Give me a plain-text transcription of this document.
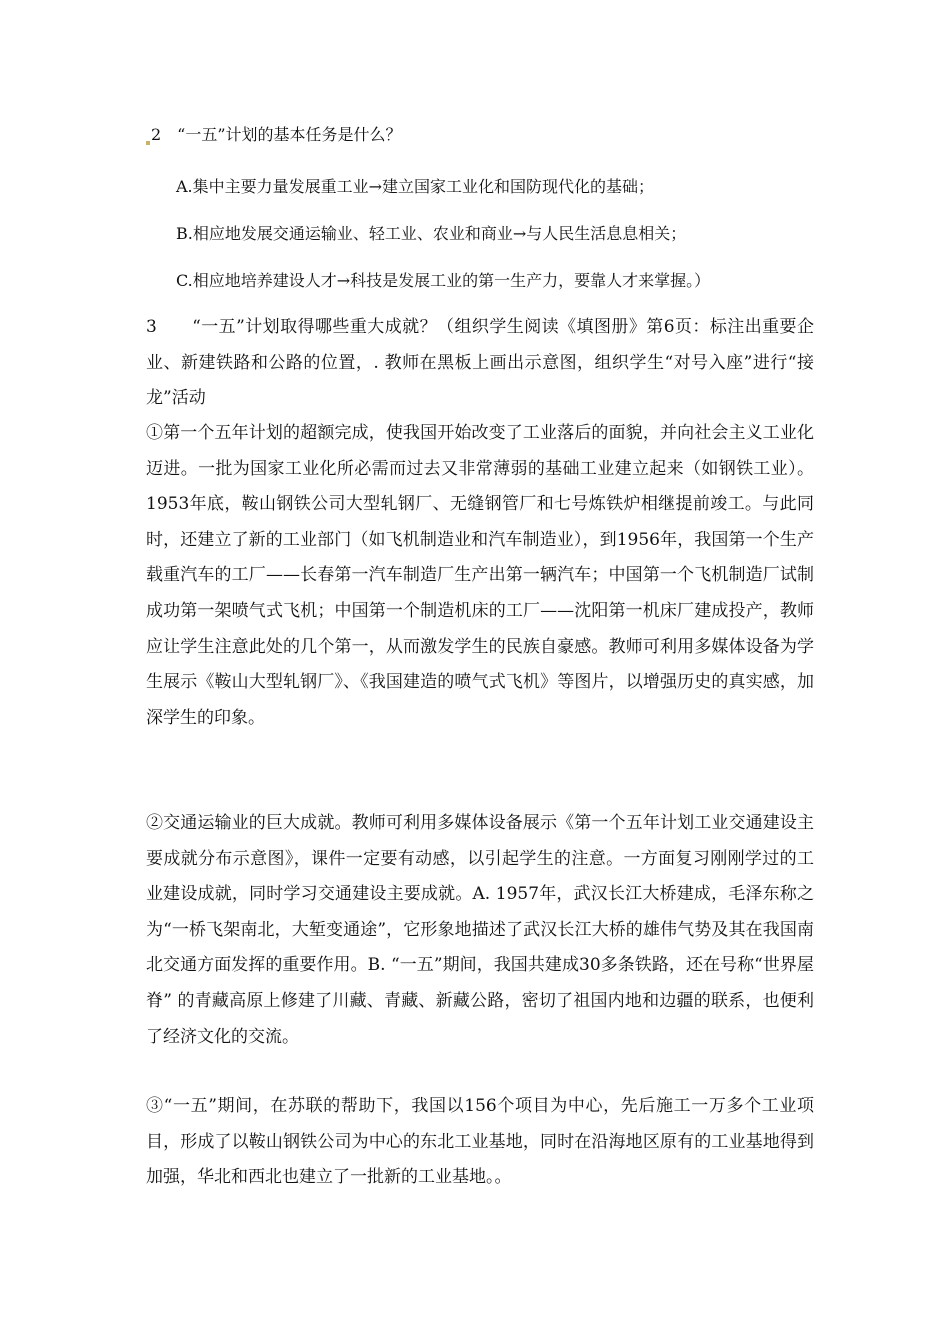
2　“一五”计划的基本任务是什么？
A.集中主要力量发展重工业→建立国家工业化和国防现代化的基础；
B.相应地发展交通运输业、轻工业、农业和商业→与人民生活息息相关；
C.相应地培养建设人才→科技是发展工业的第一生产力，要靠人才来掌握。）

3　　“一五”计划取得哪些重大成就？（组织学生阅读《填图册》第6页：标注出重要企业、新建铁路和公路的位置，. 教师在黑板上画出示意图，组织学生“对号入座”进行“接龙”活动

①第一个五年计划的超额完成，使我国开始改变了工业落后的面貌，并向社会主义工业化迈进。一批为国家工业化所必需而过去又非常薄弱的基础工业建立起来（如钢铁工业）。1953年底，鞍山钢铁公司大型轧钢厂、无缝钢管厂和七号炼铁炉相继提前竣工。与此同时，还建立了新的工业部门（如飞机制造业和汽车制造业），到1956年，我国第一个生产载重汽车的工厂——长春第一汽车制造厂生产出第一辆汽车；中国第一个飞机制造厂试制成功第一架喷气式飞机；中国第一个制造机床的工厂——沈阳第一机床厂建成投产，教师应让学生注意此处的几个第一，从而激发学生的民族自豪感。教师可利用多媒体设备为学生展示《鞍山大型轧钢厂》、《我国建造的喷气式飞机》等图片，以增强历史的真实感，加深学生的印象。

②交通运输业的巨大成就。教师可利用多媒体设备展示《第一个五年计划工业交通建设主要成就分布示意图》，课件一定要有动感，以引起学生的注意。一方面复习刚刚学过的工业建设成就，同时学习交通建设主要成就。A. 1957年，武汉长江大桥建成，毛泽东称之为“一桥飞架南北，大堑变通途”，它形象地描述了武汉长江大桥的雄伟气势及其在我国南北交通方面发挥的重要作用。B. “一五”期间，我国共建成30多条铁路，还在号称“世界屋脊” 的青藏高原上修建了川藏、青藏、新藏公路，密切了祖国内地和边疆的联系，也便利了经济文化的交流。

③“一五”期间，在苏联的帮助下，我国以156个项目为中心，先后施工一万多个工业项目，形成了以鞍山钢铁公司为中心的东北工业基地，同时在沿海地区原有的工业基地得到加强，华北和西北也建立了一批新的工业基地。。
